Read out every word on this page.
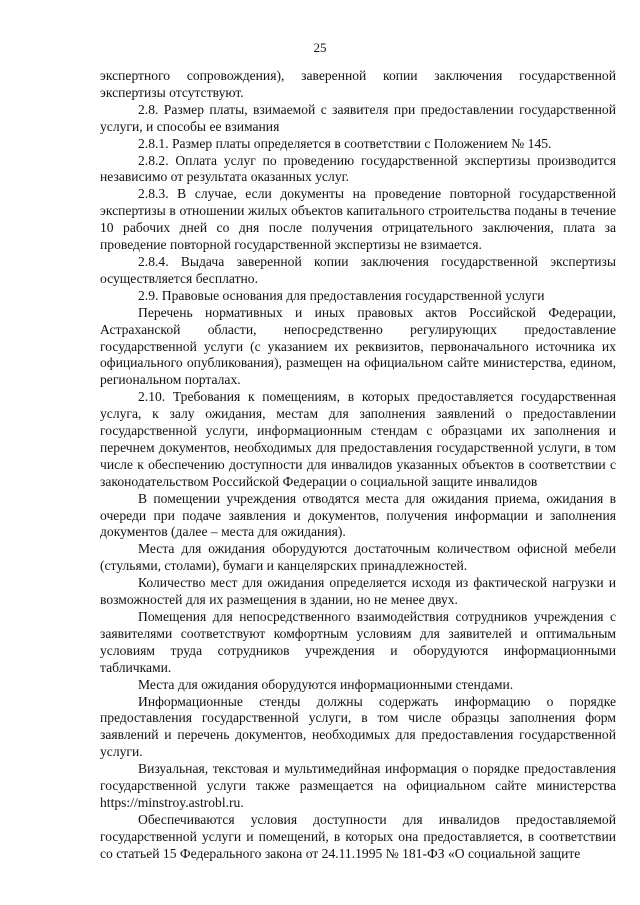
25

экспертного сопровождения), заверенной копии заключения государственной экспертизы отсутствуют.

2.8. Размер платы, взимаемой с заявителя при предоставлении государственной услуги, и способы ее взимания

2.8.1. Размер платы определяется в соответствии с Положением № 145.

2.8.2. Оплата услуг по проведению государственной экспертизы производится независимо от результата оказанных услуг.

2.8.3. В случае, если документы на проведение повторной государственной экспертизы в отношении жилых объектов капитального строительства поданы в течение 10 рабочих дней со дня после получения отрицательного заключения, плата за проведение повторной государственной экспертизы не взимается.

2.8.4. Выдача заверенной копии заключения государственной экспертизы осуществляется бесплатно.

2.9. Правовые основания для предоставления государственной услуги

Перечень нормативных и иных правовых актов Российской Федерации, Астраханской области, непосредственно регулирующих предоставление государственной услуги (с указанием их реквизитов, первоначального источника их официального опубликования), размещен на официальном сайте министерства, едином, региональном порталах.

2.10. Требования к помещениям, в которых предоставляется государственная услуга, к залу ожидания, местам для заполнения заявлений о предоставлении государственной услуги, информационным стендам с образцами их заполнения и перечнем документов, необходимых для предоставления государственной услуги, в том числе к обеспечению доступности для инвалидов указанных объектов в соответствии с законодательством Российской Федерации о социальной защите инвалидов

В помещении учреждения отводятся места для ожидания приема, ожидания в очереди при подаче заявления и документов, получения информации и заполнения документов (далее – места для ожидания).

Места для ожидания оборудуются достаточным количеством офисной мебели (стульями, столами), бумаги и канцелярских принадлежностей.

Количество мест для ожидания определяется исходя из фактической нагрузки и возможностей для их размещения в здании, но не менее двух.

Помещения для непосредственного взаимодействия сотрудников учреждения с заявителями соответствуют комфортным условиям для заявителей и оптимальным условиям труда сотрудников учреждения и оборудуются информационными табличками.

Места для ожидания оборудуются информационными стендами.

Информационные стенды должны содержать информацию о порядке предоставления государственной услуги, в том числе образцы заполнения форм заявлений и перечень документов, необходимых для предоставления государственной услуги.

Визуальная, текстовая и мультимедийная информация о порядке предоставления государственной услуги также размещается на официальном сайте министерства https://minstroy.astrobl.ru.

Обеспечиваются условия доступности для инвалидов предоставляемой государственной услуги и помещений, в которых она предоставляется, в соответствии со статьей 15 Федерального закона от 24.11.1995 № 181-ФЗ «О социальной защите
